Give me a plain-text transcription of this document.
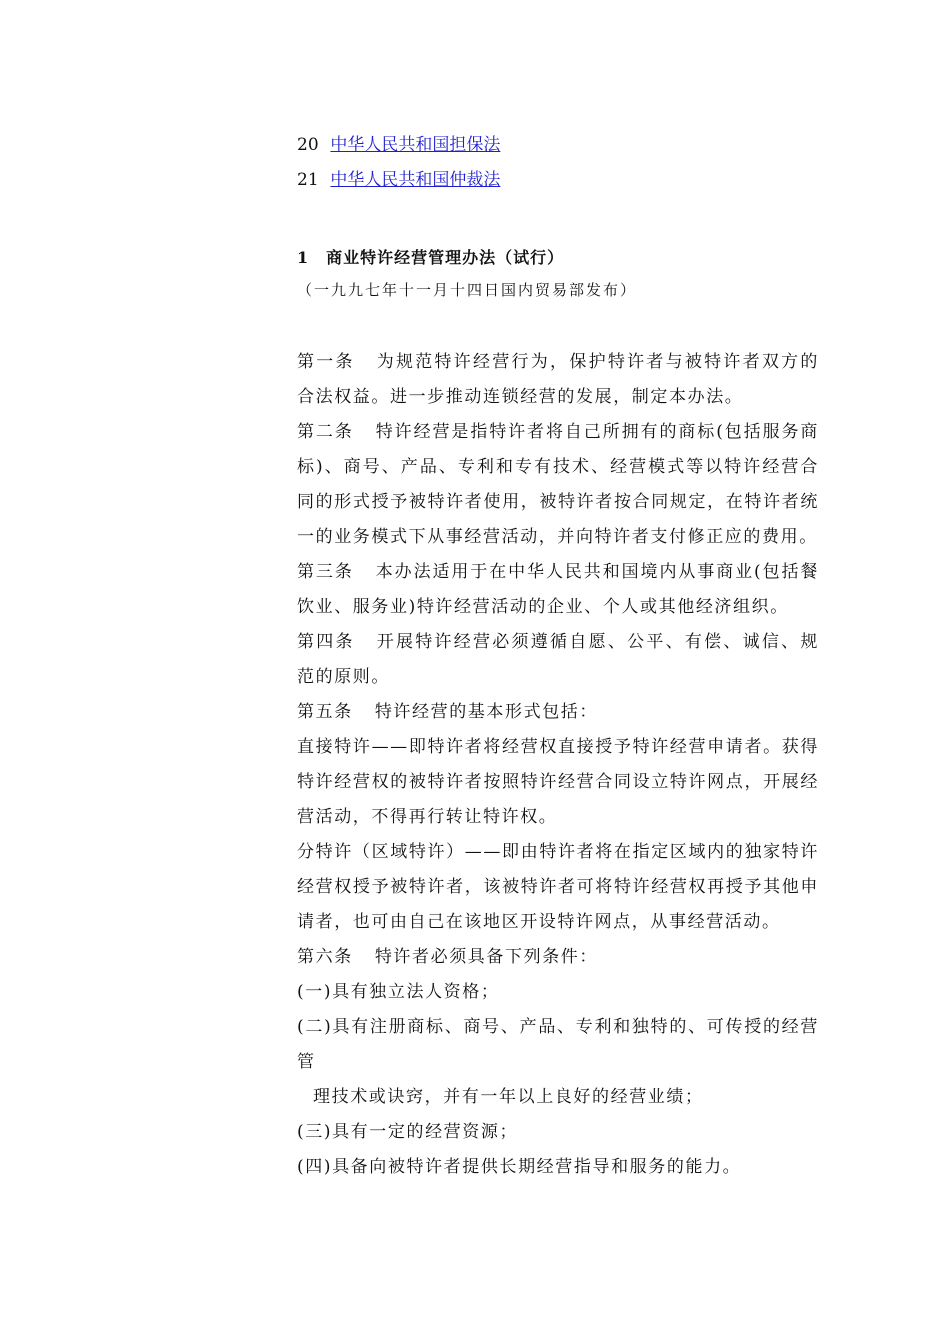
20 中华人民共和国担保法
21 中华人民共和国仲裁法
1　商业特许经营管理办法（试行）
（一九九七年十一月十四日国内贸易部发布）

第一条 为规范特许经营行为，保护特许者与被特许者双方的合法权益。进一步推动连锁经营的发展，制定本办法。

第二条 特许经营是指特许者将自己所拥有的商标(包括服务商标)、商号、产品、专利和专有技术、经营模式等以特许经营合同的形式授予被特许者使用，被特许者按合同规定，在特许者统一的业务模式下从事经营活动，并向特许者支付修正应的费用。

第三条 本办法适用于在中华人民共和国境内从事商业(包括餐饮业、服务业)特许经营活动的企业、个人或其他经济组织。

第四条 开展特许经营必须遵循自愿、公平、有偿、诚信、规范的原则。

第五条 特许经营的基本形式包括：

直接特许——即特许者将经营权直接授予特许经营申请者。获得特许经营权的被特许者按照特许经营合同设立特许网点，开展经营活动，不得再行转让特许权。

分特许（区域特许）——即由特许者将在指定区域内的独家特许经营权授予被特许者，该被特许者可将特许经营权再授予其他申请者，也可由自己在该地区开设特许网点，从事经营活动。

第六条 特许者必须具备下列条件：

(一)具有独立法人资格；

(二)具有注册商标、商号、产品、专利和独特的、可传授的经营管

理技术或诀窍，并有一年以上良好的经营业绩；

(三)具有一定的经营资源；

(四)具备向被特许者提供长期经营指导和服务的能力。
